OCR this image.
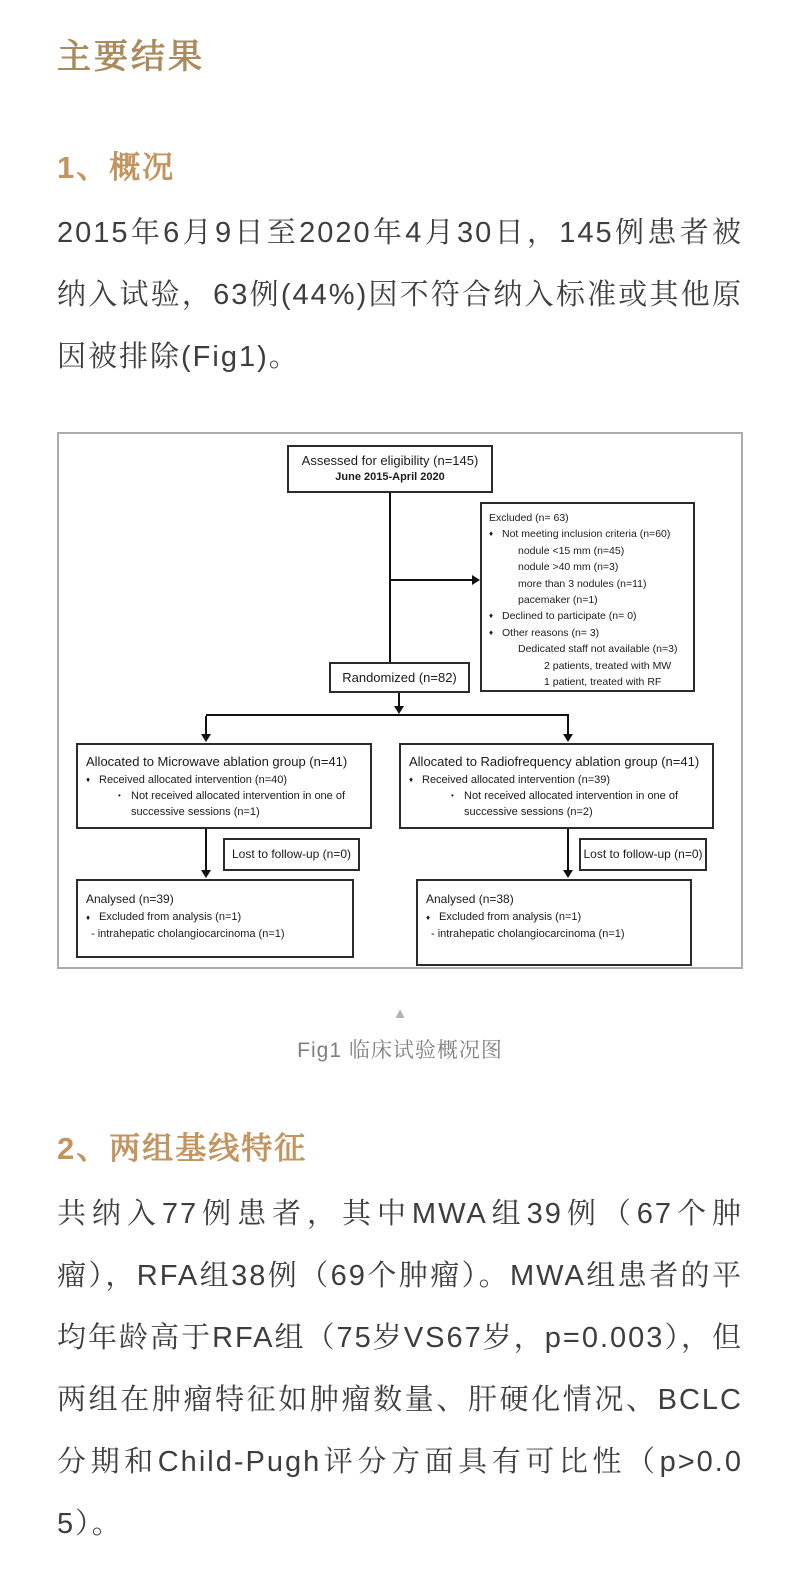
主要结果
1、概况

2015年6月9日至2020年4月30日，145例患者被纳入试验，63例(44%)因不符合纳入标准或其他原因被排除(Fig1)。

Assessed for eligibility (n=145)
June 2015-April 2020
Excluded (n= 63)
♦ Not meeting inclusion criteria (n=60)
nodule <15 mm (n=45)
nodule >40 mm (n=3)
more than 3 nodules (n=11)
pacemaker (n=1)
♦ Declined to participate (n= 0)
♦ Other reasons (n= 3)
Dedicated staff not available (n=3)
2 patients, treated with MW
1 patient, treated with RF
Randomized (n=82)
Allocated to Microwave ablation group (n=41)
♦ Received allocated intervention (n=40)
• Not received allocated intervention in one of successive sessions (n=1)
Allocated to Radiofrequency ablation group (n=41)
♦ Received allocated intervention (n=39)
• Not received allocated intervention in one of successive sessions (n=2)
Lost to follow-up (n=0)	Lost to follow-up (n=0)
Analysed (n=39)
♦ Excluded from analysis (n=1)
- intrahepatic cholangiocarcinoma (n=1)
Analysed (n=38)
♦ Excluded from analysis (n=1)
- intrahepatic cholangiocarcinoma (n=1)
▲
Fig1 临床试验概况图
2、两组基线特征

共纳入77例患者，其中MWA组39例（67个肿瘤），RFA组38例（69个肿瘤）。MWA组患者的平均年龄高于RFA组（75岁VS67岁，p=0.003），但两组在肿瘤特征如肿瘤数量、肝硬化情况、BCLC分期和Child-Pugh评分方面具有可比性（p>0.05）。
